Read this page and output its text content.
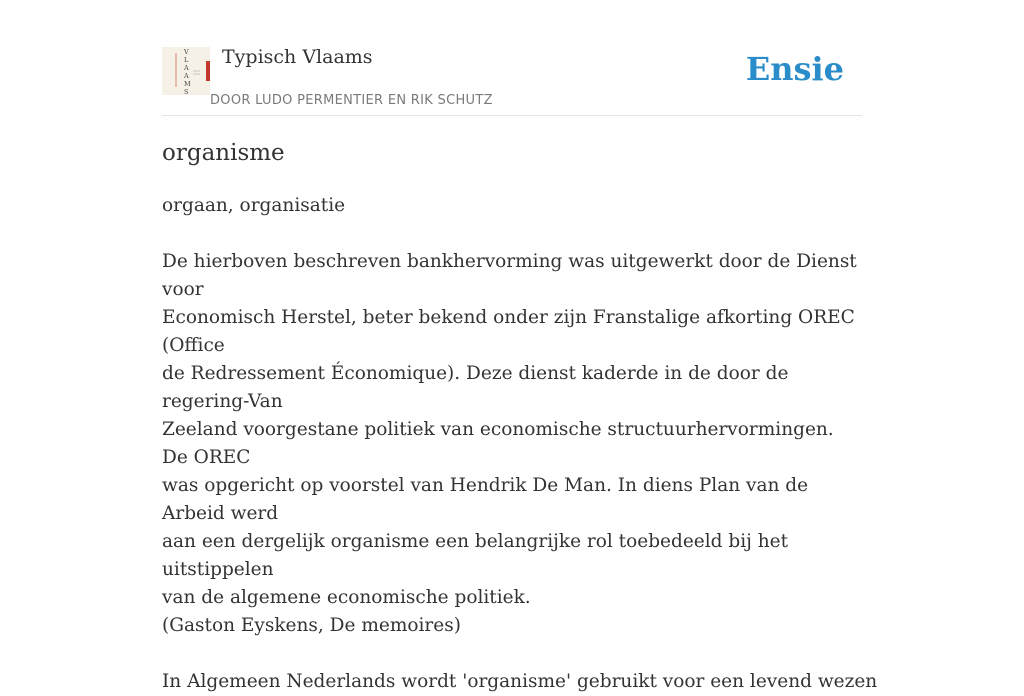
V
L
A
A
M
S
Typisch Vlaams
DOOR LUDO PERMENTIER EN RIK SCHUTZ
Ensie
organisme

orgaan, organisatie

De hierboven beschreven bankhervorming was uitgewerkt door de Dienst voor
Economisch Herstel, beter bekend onder zijn Franstalige afkorting OREC (Office
de Redressement Économique). Deze dienst kaderde in de door de regering-Van
Zeeland voorgestane politiek van economische structuurhervormingen. De OREC
was opgericht op voorstel van Hendrik De Man. In diens Plan van de Arbeid werd
aan een dergelijk organisme een belangrijke rol toebedeeld bij het uitstippelen
van de algemene economische politiek.

(Gaston Eyskens, De memoires)

In Algemeen Nederlands wordt 'organisme' gebruikt voor een levend wezen
